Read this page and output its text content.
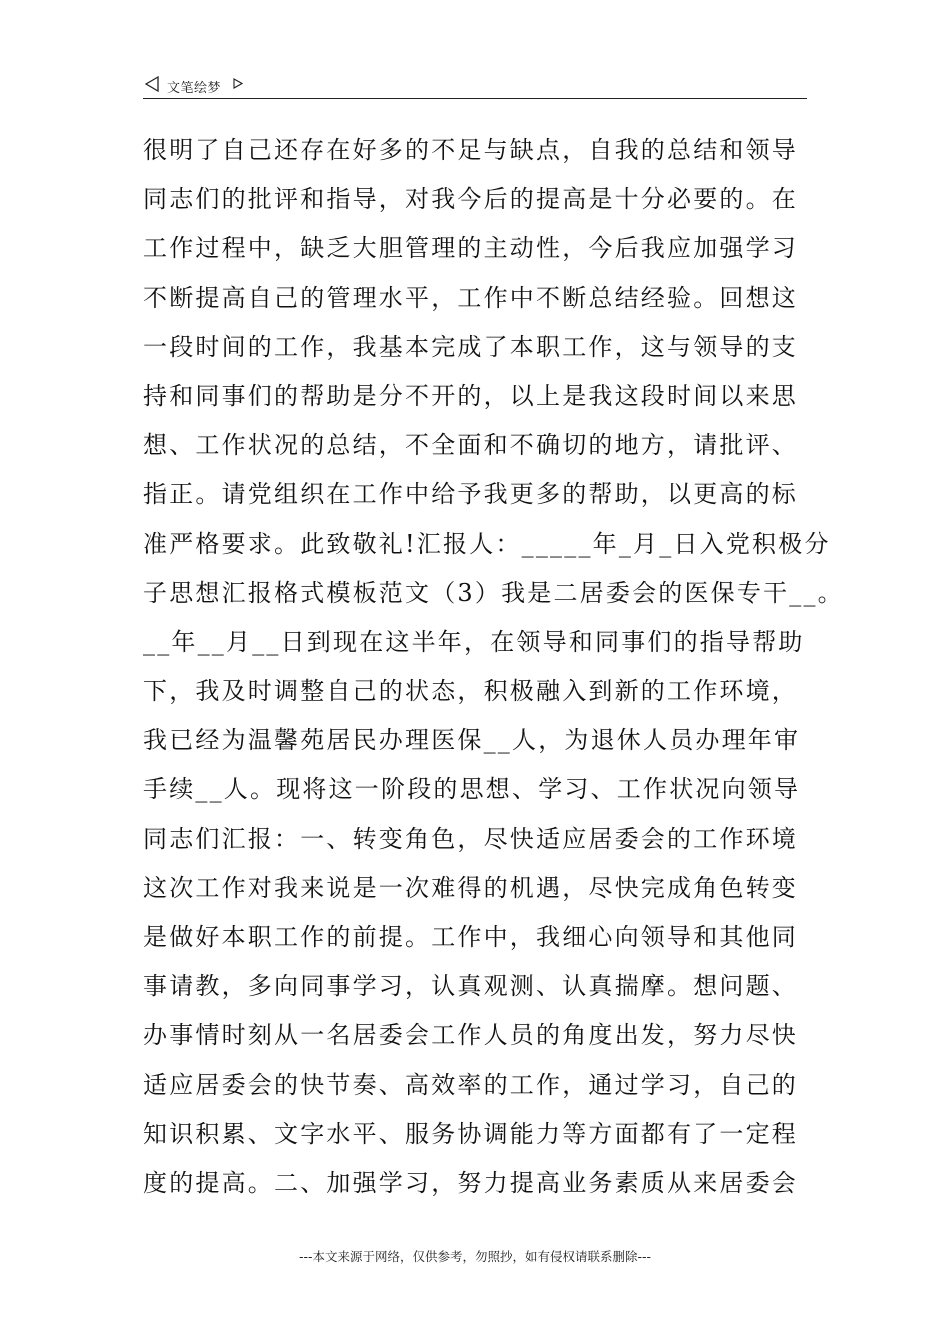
文笔绘梦
很明了自己还存在好多的不足与缺点，自我的总结和领导
同志们的批评和指导，对我今后的提高是十分必要的。在
工作过程中，缺乏大胆管理的主动性，今后我应加强学习
不断提高自己的管理水平，工作中不断总结经验。回想这
一段时间的工作，我基本完成了本职工作，这与领导的支
持和同事们的帮助是分不开的，以上是我这段时间以来思
想、工作状况的总结，不全面和不确切的地方，请批评、
指正。请党组织在工作中给予我更多的帮助，以更高的标
准严格要求。此致敬礼!汇报人：_____年_月_日入党积极分
子思想汇报格式模板范文（3）我是二居委会的医保专干__。
__年__月__日到现在这半年，在领导和同事们的指导帮助
下，我及时调整自己的状态，积极融入到新的工作环境，
我已经为温馨苑居民办理医保__人，为退休人员办理年审
手续__人。现将这一阶段的思想、学习、工作状况向领导
同志们汇报：一、转变角色，尽快适应居委会的工作环境
这次工作对我来说是一次难得的机遇，尽快完成角色转变
是做好本职工作的前提。工作中，我细心向领导和其他同
事请教，多向同事学习，认真观测、认真揣摩。想问题、
办事情时刻从一名居委会工作人员的角度出发，努力尽快
适应居委会的快节奏、高效率的工作，通过学习，自己的
知识积累、文字水平、服务协调能力等方面都有了一定程
度的提高。二、加强学习，努力提高业务素质从来居委会
---本文来源于网络，仅供参考，勿照抄，如有侵权请联系删除---
